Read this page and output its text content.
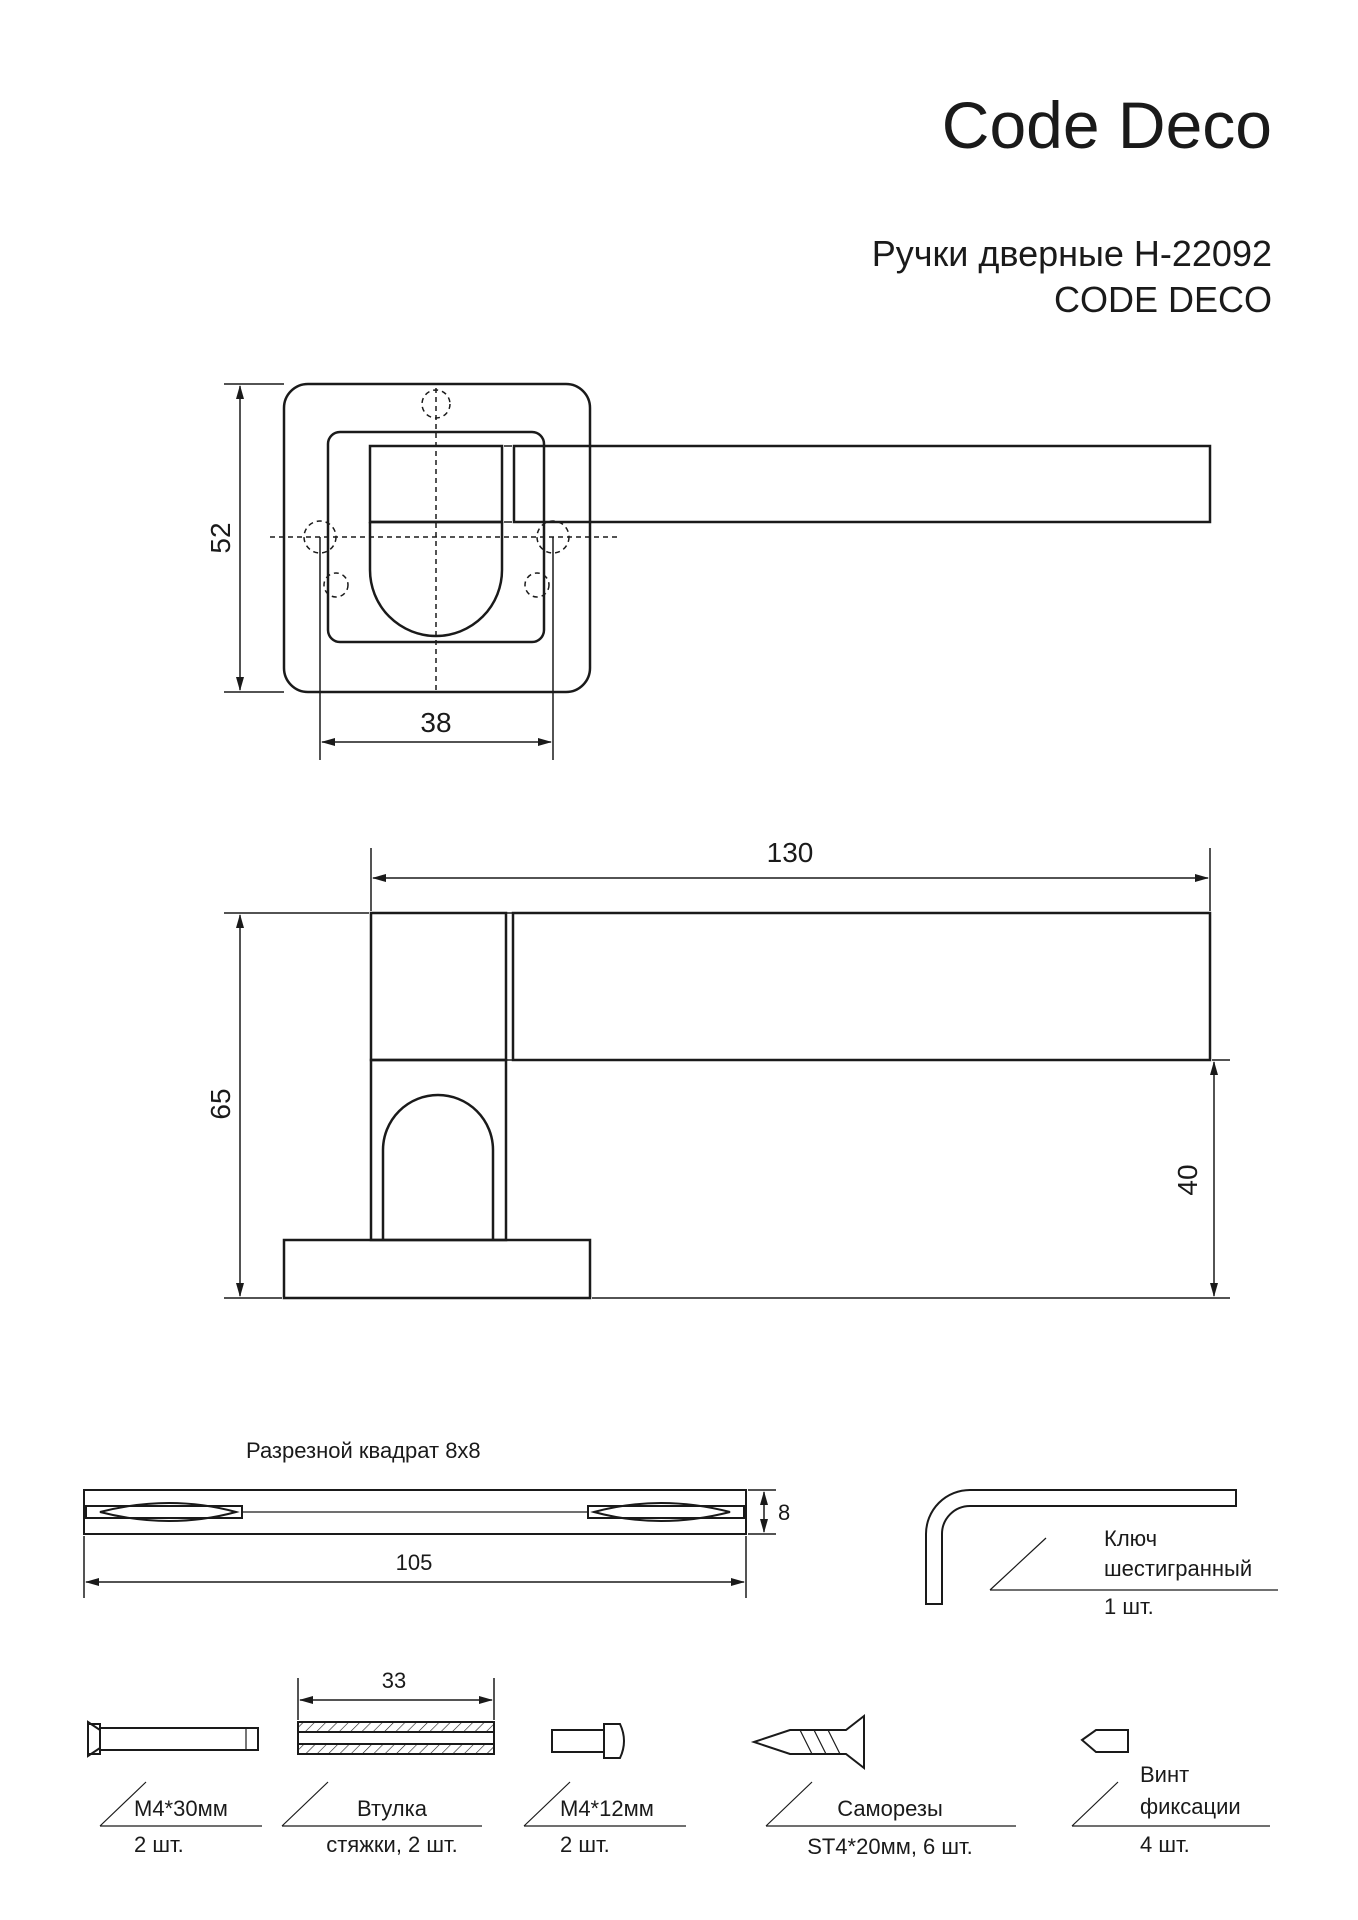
Code Deco
Ручки дверные H-22092
CODE DECO
52
38
130
65
40
Разрезной квадрат 8х8
8
105
Ключ
шестигранный
1 шт.
33
M4*30мм
2 шт.
Втулка
стяжки, 2 шт.
M4*12мм
2 шт.
Саморезы
ST4*20мм, 6 шт.
Винт
фиксации
4 шт.
